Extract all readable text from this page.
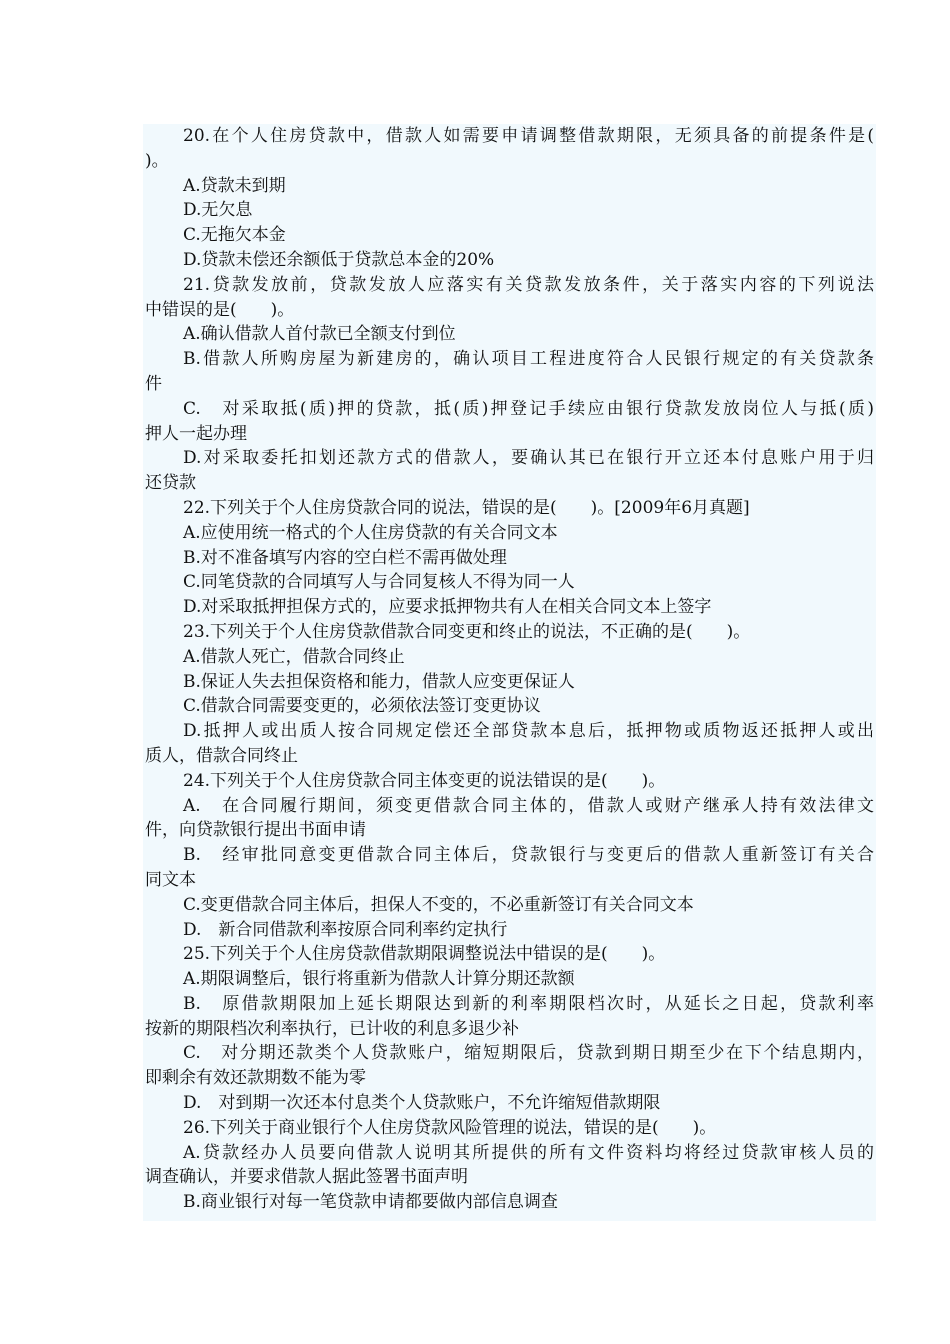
20.在个人住房贷款中，借款人如需要申请调整借款期限，无须具备的前提条件是(
)。
A.贷款未到期
D.无欠息
C.无拖欠本金
D.贷款未偿还余额低于贷款总本金的20%
21.贷款发放前，贷款发放人应落实有关贷款发放条件，关于落实内容的下列说法
中错误的是(　　)。
A.确认借款人首付款已全额支付到位
B.借款人所购房屋为新建房的，确认项目工程进度符合人民银行规定的有关贷款条
件
C.　对采取抵(质)押的贷款，抵(质)押登记手续应由银行贷款发放岗位人与抵(质)
押人一起办理
D.对采取委托扣划还款方式的借款人，要确认其已在银行开立还本付息账户用于归
还贷款
22.下列关于个人住房贷款合同的说法，错误的是(　　)。[2009年6月真题]
A.应使用统一格式的个人住房贷款的有关合同文本
B.对不准备填写内容的空白栏不需再做处理
C.同笔贷款的合同填写人与合同复核人不得为同一人
D.对采取抵押担保方式的，应要求抵押物共有人在相关合同文本上签字
23.下列关于个人住房贷款借款合同变更和终止的说法，不正确的是(　　)。
A.借款人死亡，借款合同终止
B.保证人失去担保资格和能力，借款人应变更保证人
C.借款合同需要变更的，必须依法签订变更协议
D.抵押人或出质人按合同规定偿还全部贷款本息后，抵押物或质物返还抵押人或出
质人，借款合同终止
24.下列关于个人住房贷款合同主体变更的说法错误的是(　　)。
A.　在合同履行期间，须变更借款合同主体的，借款人或财产继承人持有效法律文
件，向贷款银行提出书面申请
B.　经审批同意变更借款合同主体后，贷款银行与变更后的借款人重新签订有关合
同文本
C.变更借款合同主体后，担保人不变的，不必重新签订有关合同文本
D.　新合同借款利率按原合同利率约定执行
25.下列关于个人住房贷款借款期限调整说法中错误的是(　　)。
A.期限调整后，银行将重新为借款人计算分期还款额
B.　原借款期限加上延长期限达到新的利率期限档次时，从延长之日起，贷款利率
按新的期限档次利率执行，已计收的利息多退少补
C.　对分期还款类个人贷款账户，缩短期限后，贷款到期日期至少在下个结息期内，
即剩余有效还款期数不能为零
D.　对到期一次还本付息类个人贷款账户，不允许缩短借款期限
26.下列关于商业银行个人住房贷款风险管理的说法，错误的是(　　)。
A.贷款经办人员要向借款人说明其所提供的所有文件资料均将经过贷款审核人员的
调查确认，并要求借款人据此签署书面声明
B.商业银行对每一笔贷款申请都要做内部信息调查
